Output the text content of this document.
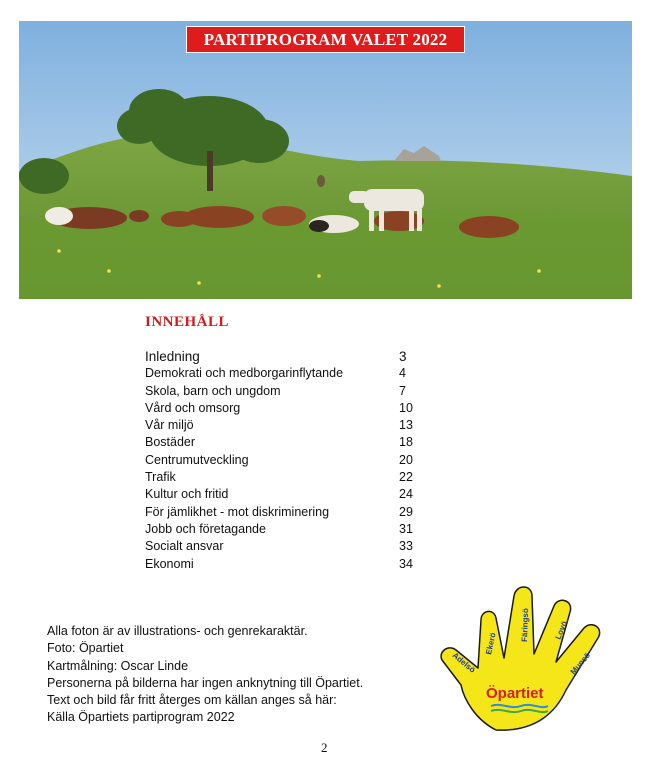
PARTIPROGRAM VALET 2022
INNEHÅLL
Inledning	3
Demokrati och medborgarinflytande	4
Skola, barn och ungdom	7
Vård och omsorg	10
Vår miljö	13
Bostäder	18
Centrumutveckling	20
Trafik	22
Kultur och fritid	24
För jämlikhet - mot diskriminering	29
Jobb och företagande	31
Socialt ansvar	33
Ekonomi	34
Alla foton är av illustrations- och genrekaraktär.
Foto: Öpartiet
Kartmålning: Oscar Linde
Personerna på bilderna har ingen anknytning till Öpartiet.
Text och bild får fritt återges om källan anges så här:
Källa Öpartiets partiprogram 2022
2
Adelsö
Ekerö
Färingsö	Lovö
Munsö
Öpartiet
